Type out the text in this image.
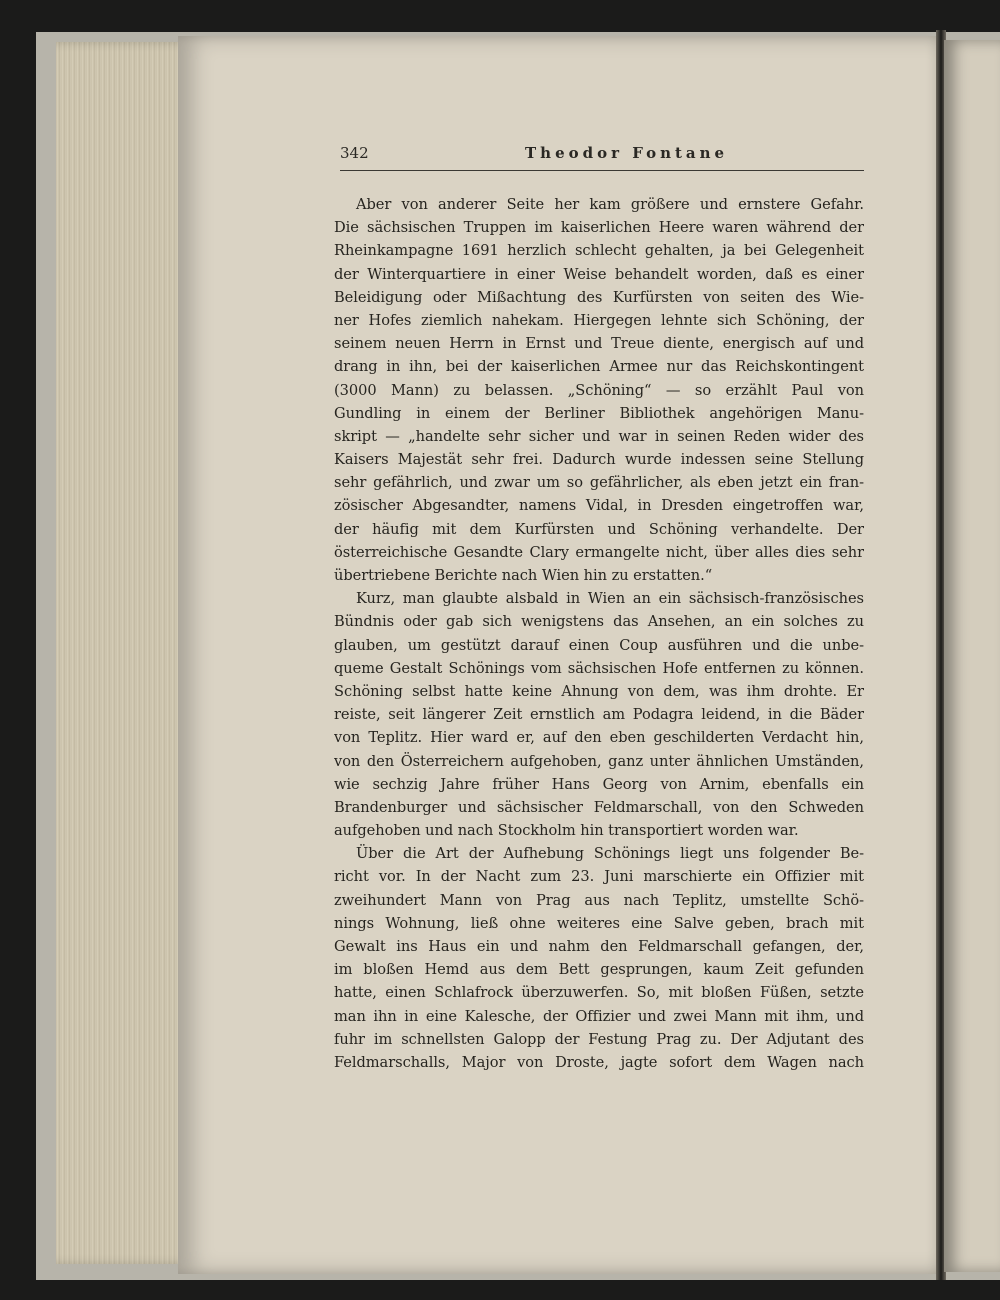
342	Theodor Fontane
Aber von anderer Seite her kam größere und ernstere Gefahr.
Die sächsischen Truppen im kaiserlichen Heere waren während der
Rheinkampagne 1691 herzlich schlecht gehalten, ja bei Gelegenheit
der Winterquartiere in einer Weise behandelt worden, daß es einer
Beleidigung oder Mißachtung des Kurfürsten von seiten des Wie-
ner Hofes ziemlich nahekam. Hiergegen lehnte sich Schöning, der
seinem neuen Herrn in Ernst und Treue diente, energisch auf und
drang in ihn, bei der kaiserlichen Armee nur das Reichskontingent
(3000 Mann) zu belassen. „Schöning“ — so erzählt Paul von
Gundling in einem der Berliner Bibliothek angehörigen Manu-
skript — „handelte sehr sicher und war in seinen Reden wider des
Kaisers Majestät sehr frei. Dadurch wurde indessen seine Stellung
sehr gefährlich, und zwar um so gefährlicher, als eben jetzt ein fran-
zösischer Abgesandter, namens Vidal, in Dresden eingetroffen war,
der häufig mit dem Kurfürsten und Schöning verhandelte. Der
österreichische Gesandte Clary ermangelte nicht, über alles dies sehr
übertriebene Berichte nach Wien hin zu erstatten.“
Kurz, man glaubte alsbald in Wien an ein sächsisch-französisches
Bündnis oder gab sich wenigstens das Ansehen, an ein solches zu
glauben, um gestützt darauf einen Coup ausführen und die unbe-
queme Gestalt Schönings vom sächsischen Hofe entfernen zu können.
Schöning selbst hatte keine Ahnung von dem, was ihm drohte. Er
reiste, seit längerer Zeit ernstlich am Podagra leidend, in die Bäder
von Teplitz. Hier ward er, auf den eben geschilderten Verdacht hin,
von den Österreichern aufgehoben, ganz unter ähnlichen Umständen,
wie sechzig Jahre früher Hans Georg von Arnim, ebenfalls ein
Brandenburger und sächsischer Feldmarschall, von den Schweden
aufgehoben und nach Stockholm hin transportiert worden war.
Über die Art der Aufhebung Schönings liegt uns folgender Be-
richt vor. In der Nacht zum 23. Juni marschierte ein Offizier mit
zweihundert Mann von Prag aus nach Teplitz, umstellte Schö-
nings Wohnung, ließ ohne weiteres eine Salve geben, brach mit
Gewalt ins Haus ein und nahm den Feldmarschall gefangen, der,
im bloßen Hemd aus dem Bett gesprungen, kaum Zeit gefunden
hatte, einen Schlafrock überzuwerfen. So, mit bloßen Füßen, setzte
man ihn in eine Kalesche, der Offizier und zwei Mann mit ihm, und
fuhr im schnellsten Galopp der Festung Prag zu. Der Adjutant des
Feldmarschalls, Major von Droste, jagte sofort dem Wagen nach
